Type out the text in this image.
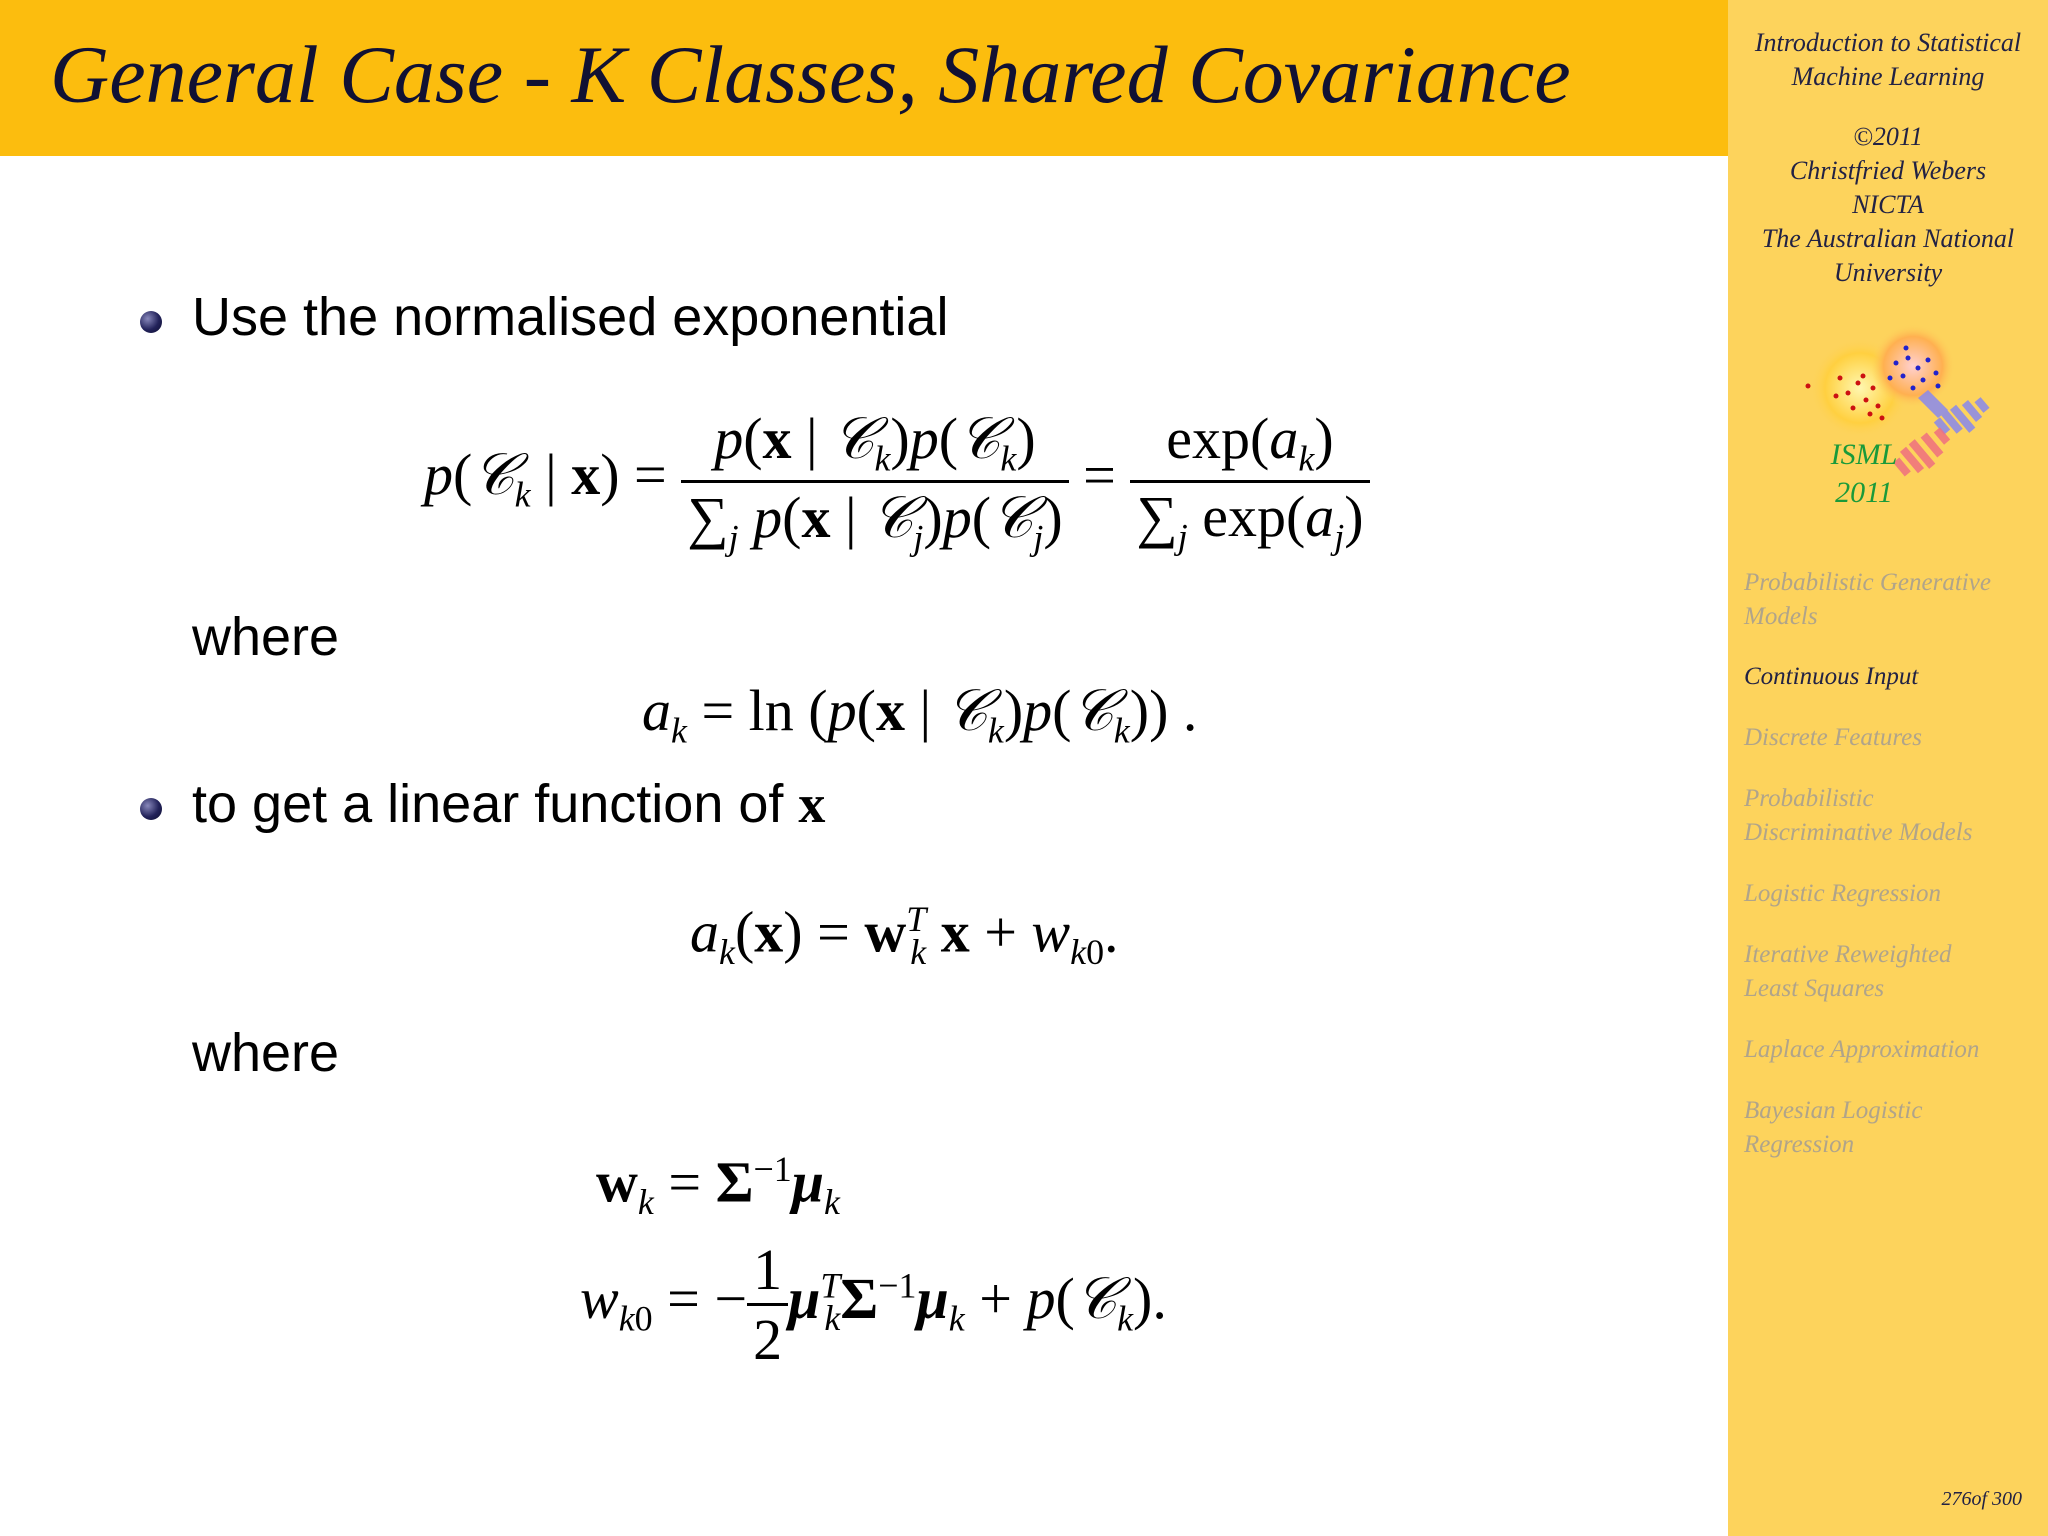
General Case - K Classes, Shared Covariance	Introduction to Statistical
Machine Learning
©2011
Christfried Webers
NICTA
The Australian National
University
ISML
2011
Probabilistic Generative
Models
Continuous Input
Discrete Features
Probabilistic
Discriminative Models
Logistic Regression
Iterative Reweighted
Least Squares
Laplace Approximation
Bayesian Logistic
Regression
276of 300
Use the normalised exponential
p(𝒞$_k$ | $x) = \frac{p(x | 𝒞_k)p(𝒞_k)}{\sum_j p(x | 𝒞_j)p(𝒞_j)} = \frac{\exp(a_k)}{\sum_j \exp(a_j)}$
where
$a_k = \ln (p(x$ | 𝒞$_k$)p(𝒞$_k$)) .
to get a linear function of x
$a_k(x) = w^T_k$ $x + w_{k0}$.
where
$w_k = \Sigma^{-1}\mu_k$
$w_{k0}$ = − $\frac{1}{2} \mu^T_k\Sigma^{-1}\mu_k$ + p(𝒞$_k$).
